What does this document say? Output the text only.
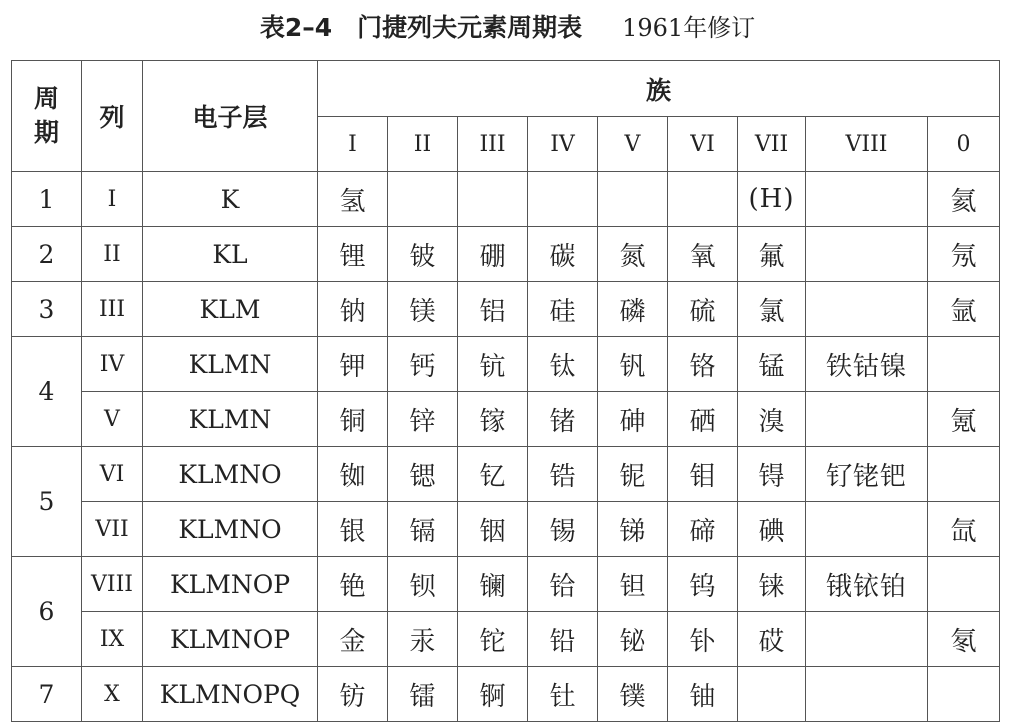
表2–4　门捷列夫元素周期表 1961年修订
周
期	列	电子层	族								
			I	II	III	IV	V	VI	VII	VIII	0
1	I	K	氢						(H)		氦
2	II	KL	锂	铍	硼	碳	氮	氧	氟		氖
3	III	KLM	钠	镁	铝	硅	磷	硫	氯		氩
4	IV	KLMN	钾	钙	钪	钛	钒	铬	锰	铁钴镍	
	V	KLMN	铜	锌	镓	锗	砷	硒	溴		氪
5	VI	KLMNO	铷	锶	钇	锆	铌	钼	锝	钌铑钯	
	VII	KLMNO	银	镉	铟	锡	锑	碲	碘		氙
6	VIII	KLMNOP	铯	钡	镧	铪	钽	钨	铼	锇铱铂	
	IX	KLMNOP	金	汞	铊	铅	铋	钋	砹		氡
7	X	KLMNOPQ	钫	镭	锕	钍	镤	铀			
